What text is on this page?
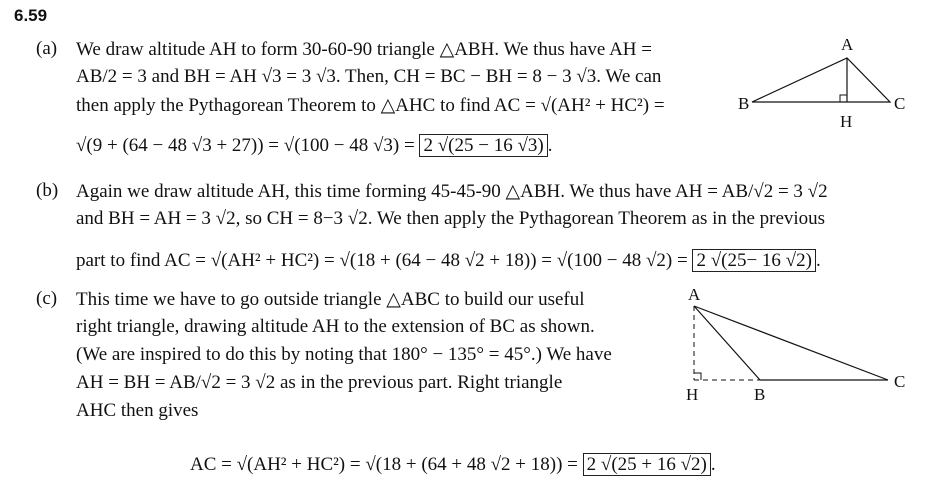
6.59
(a) We draw altitude AH to form 30-60-90 triangle △ABH. We thus have AH =
AB/2 = 3 and BH = AH √3 = 3 √3. Then, CH = BC − BH = 8 − 3 √3. We can
then apply the Pythagorean Theorem to △AHC to find AC = √(AH² + HC²) =
√(9 + (64 − 48 √3 + 27)) = √(100 − 48 √3) = 2 √(25 − 16 √3) .
A
B	C
H
(b) Again we draw altitude AH, this time forming 45-45-90 △ABH. We thus have AH = AB/√2 = 3 √2
and BH = AH = 3 √2, so CH = 8−3 √2. We then apply the Pythagorean Theorem as in the previous
part to find AC = √(AH² + HC²) = √(18 + (64 − 48 √2 + 18)) = √(100 − 48 √2) = 2 √(25− 16 √2) .
(c) This time we have to go outside triangle △ABC to build our useful
right triangle, drawing altitude AH to the extension of BC as shown.
(We are inspired to do this by noting that 180° − 135° = 45°.) We have
AH = BH = AB/√2 = 3 √2 as in the previous part. Right triangle
AHC then gives
AC = √(AH² + HC²) = √(18 + (64 + 48 √2 + 18)) = 2 √(25 + 16 √2) .
A
B
C
H
